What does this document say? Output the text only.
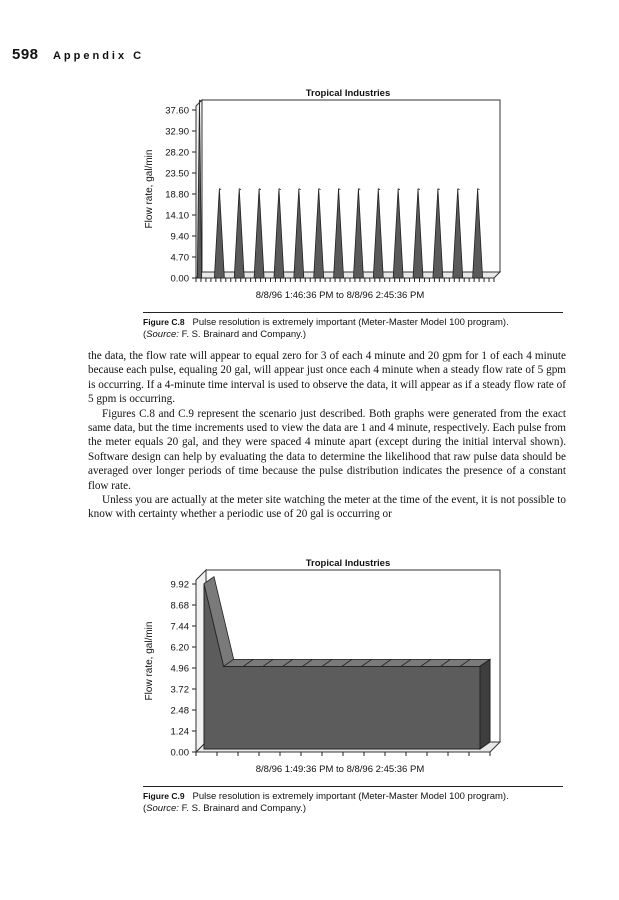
598 Appendix C
0.00
4.70
9.40
14.10
18.80
23.50
28.20
32.90
37.60
Tropical Industries
Flow rate, gal/min
8/8/96 1:46:36 PM to 8/8/96 2:45:36 PM
Figure C.8 Pulse resolution is extremely important (Meter-Master Model 100 program).
(Source: F. S. Brainard and Company.)

the data, the flow rate will appear to equal zero for 3 of each 4 minute and 20 gpm for 1 of each 4 minute because each pulse, equaling 20 gal, will appear just once each 4 minute when a steady flow rate of 5 gpm is occurring. If a 4-minute time interval is used to observe the data, it will appear as if a steady flow rate of 5 gpm is occurring.

Figures C.8 and C.9 represent the scenario just described. Both graphs were generated from the exact same data, but the time increments used to view the data are 1 and 4 minute, respectively. Each pulse from the meter equals 20 gal, and they were spaced 4 minute apart (except during the initial interval shown). Software design can help by evaluating the data to determine the likelihood that raw pulse data should be averaged over longer periods of time because the pulse distribution indicates the presence of a constant flow rate.

Unless you are actually at the meter site watching the meter at the time of the event, it is not possible to know with certainty whether a periodic use of 20 gal is occurring or

0.00
1.24
2.48
3.72
4.96
6.20
7.44
8.68
9.92
Tropical Industries
Flow rate, gal/min
8/8/96 1:49:36 PM to 8/8/96 2:45:36 PM
Figure C.9 Pulse resolution is extremely important (Meter-Master Model 100 program).
(Source: F. S. Brainard and Company.)
